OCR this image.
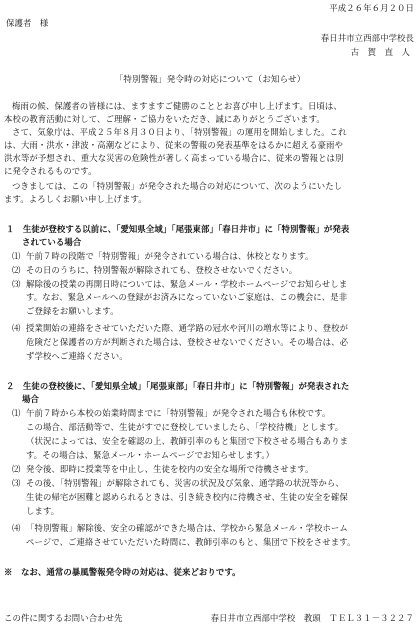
平成２６年６月２０日
保護者　様
春日井市立西部中学校長
古　賀　直　人
「特別警報」発令時の対応について（お知らせ）
梅雨の候、保護者の皆様には、ますますご健勝のこととお喜び申し上げます。日頃は、
本校の教育活動に対して、ご理解・ご協力をいただき、誠にありがとうございます。
さて、気象庁は、平成２５年８月３０日より、「特別警報」の運用を開始しました。これ
は、大雨・洪水・津波・高潮などにより、従来の警報の発表基準をはるかに超える豪雨や
洪水等が予想され、重大な災害の危険性が著しく高まっている場合に、従来の警報とは別
に発令されるものです。
つきましては、この「特別警報」が発令された場合の対応について、次のようにいたし
ます。よろしくお願い申し上げます。
１　生徒が登校する以前に、「愛知県全域」「尾張東部」「春日井市」に「特別警報」が発表
されている場合
⑴ 午前７時の段階で「特別警報」が発令されている場合は、休校となります。
⑵ その日のうちに、特別警報が解除されても、登校させないでください。
⑶ 解除後の授業の再開日時については、緊急メール・学校ホームページでお知らせしま
す。なお、緊急メールへの登録がお済みになっていないご家庭は、この機会に、是非
ご登録をお願いします。
⑷ 授業開始の連絡をさせていただいた際、通学路の冠水や河川の増水等により、登校が
危険だと保護者の方が判断された場合は、登校させないでください。その場合は、必
ず学校へご連絡ください。
２　生徒の登校後に、「愛知県全域」「尾張東部」「春日井市」に「特別警報」が発表された
場合
⑴ 午前７時から本校の始業時間までに「特別警報」が発令された場合も休校です。
この場合、部活動等で、生徒がすでに登校していましたら、「学校待機」とします。
（状況によっては、安全を確認の上、教師引率のもと集団で下校させる場合もありま
す。その場合は、緊急メール・ホームページでお知らせします。）
⑵ 発令後、即時に授業等を中止し、生徒を校内の安全な場所で待機させます。
⑶ その後、「特別警報」が解除されても、災害の状況及び気象、通学路の状況等から、
生徒の帰宅が困難と認められるときは、引き続き校内に待機させ、生徒の安全を確保
します。
⑷ 「特別警報」解除後、安全の確認ができた場合は、学校から緊急メール・学校ホーム
ページで、ご連絡させていただいた時間に、教師引率のもと、集団で下校をさせます。
※　なお、通常の暴風警報発令時の対応は、従来どおりです。
この件に関するお問い合わせ先	春日井市立西部中学校　教頭　ＴＥＬ３１－３２２７
